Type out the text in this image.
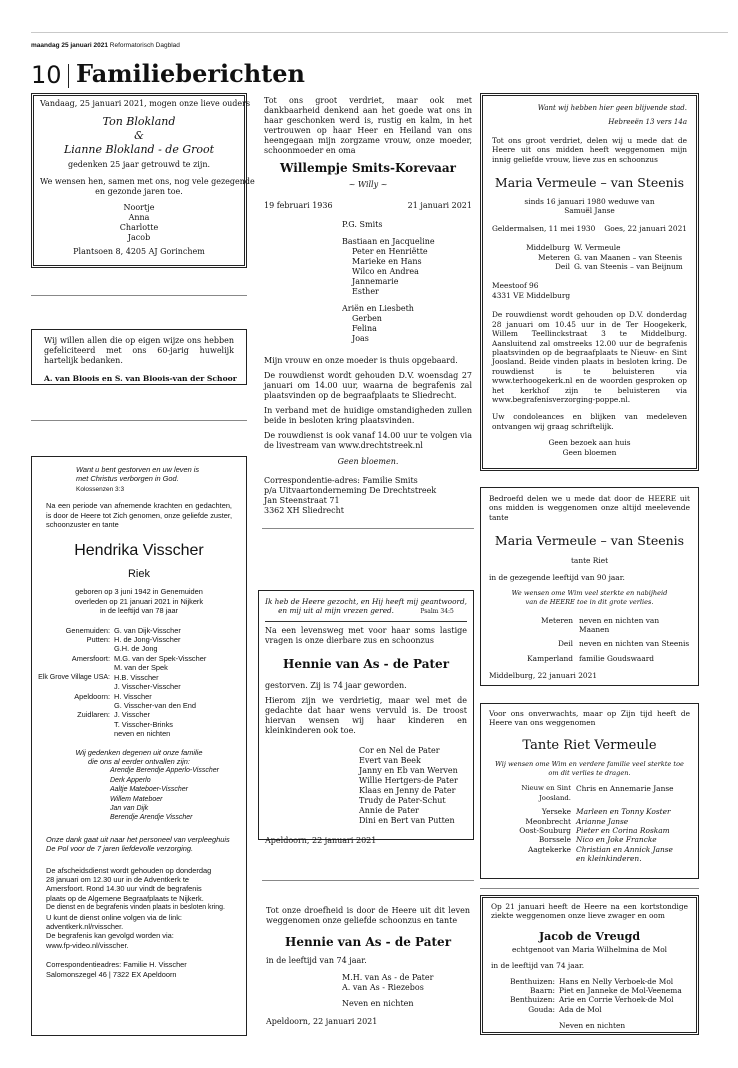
maandag 25 januari 2021 Reformatorisch Dagblad
10 Familieberichten

Vandaag, 25 januari 2021, mogen onze lieve ouders

Ton Blokland

&

Lianne Blokland - de Groot

gedenken 25 jaar getrouwd te zijn.

We wensen hen, samen met ons, nog vele gezegende

en gezonde jaren toe.

Noortje

Anna

Charlotte

Jacob

Plantsoen 8, 4205 AJ Gorinchem

Wij willen allen die op eigen wijze ons hebben gefeliciteerd met ons 60-jarig huwelijk hartelijk bedanken.

A. van Bloois en S. van Bloois-van der Schoor

Want u bent gestorven en uw leven is

met Christus verborgen in God.

Kolossenzen 3:3

Na een periode van afnemende krachten en gedachten, is door de Heere tot Zich genomen, onze geliefde zuster, schoonzuster en tante

Hendrika Visscher

Riek

geboren op 3 juni 1942 in Genemuiden

overleden op 21 januari 2021 in Nijkerk

in de leeftijd van 78 jaar

Genemuiden: G. van Dijk-Visscher
Putten: H. de Jong-Visscher
G.H. de Jong
Amersfoort: M.G. van der Spek-Visscher
M. van der Spek
Elk Grove Village USA: H.B. Visscher
J. Visscher-Visscher
Apeldoorn: H. Visscher
G. Visscher-van den End
Zuidlaren: J. Visscher
T. Visscher-Brinks
neven en nichten

Wij gedenken degenen uit onze familie

die ons al eerder ontvallen zijn:

Arendje Berendje Apperlo-Visscher

Derk Apperlo

Aaltje Mateboer-Visscher

Willem Mateboer

Jan van Dijk

Berendje Arendje Visscher

Onze dank gaat uit naar het personeel van verpleeghuis

De Pol voor de 7 jaren liefdevolle verzorging.

De afscheidsdienst wordt gehouden op donderdag

28 januari om 12.30 uur in de Adventkerk te

Amersfoort. Rond 14.30 uur vindt de begrafenis

plaats op de Algemene Begraafplaats te Nijkerk.

De dienst en de begrafenis vinden plaats in besloten kring.

U kunt de dienst online volgen via de link:

adventkerk.nl/rvisscher.

De begrafenis kan gevolgd worden via:

www.fp-video.nl/visscher.

Correspondentieadres: Familie H. Visscher

Salomonszegel 46 | 7322 EX Apeldoorn

Tot ons groot verdriet, maar ook met dankbaarheid denkend aan het goede wat ons in haar geschonken werd is, rustig en kalm, in het vertrouwen op haar Heer en Heiland van ons heengegaan mijn zorgzame vrouw, onze moeder, schoonmoeder en oma

Willempje Smits-Korevaar

~ Willy ~

19 februari 1936	21 januari 2021

P.G. Smits

Bastiaan en Jacqueline

Peter en Henriëtte

Marieke en Hans

Wilco en Andrea

Jannemarie

Esther

Ariën en Liesbeth

Gerben

Felina

Joas

Mijn vrouw en onze moeder is thuis opgebaard.

De rouwdienst wordt gehouden D.V. woensdag 27 januari om 14.00 uur, waarna de begrafenis zal plaatsvinden op de begraafplaats te Sliedrecht.

In verband met de huidige omstandigheden zullen beide in besloten kring plaatsvinden.

De rouwdienst is ook vanaf 14.00 uur te volgen via de livestream van www.drechtstreek.nl

Geen bloemen.

Correspondentie-adres: Familie Smits

p/a Uitvaartonderneming De Drechtstreek

Jan Steenstraat 71

3362 XH Sliedrecht

Ik heb de Heere gezocht, en Hij heeft mij geantwoord,

en mij uit al mijn vrezen gered.	Psalm 34:5

Na een levensweg met voor haar soms lastige vragen is onze dierbare zus en schoonzus

Hennie van As - de Pater

gestorven. Zij is 74 jaar geworden.

Hierom zijn we verdrietig, maar wel met de gedachte dat haar wens vervuld is. De troost hiervan wensen wij haar kinderen en kleinkinderen ook toe.

Cor en Nel de Pater

Evert van Beek

Janny en Eb van Werven

Willie Hertgers-de Pater

Klaas en Jenny de Pater

Trudy de Pater-Schut

Annie de Pater

Dini en Bert van Putten

Apeldoorn, 22 januari 2021

Tot onze droefheid is door de Heere uit dit leven weggenomen onze geliefde schoonzus en tante

Hennie van As - de Pater

in de leeftijd van 74 jaar.

M.H. van As - de Pater

A. van As - Riezebos

Neven en nichten

Apeldoorn, 22 januari 2021

Want wij hebben hier geen blijvende stad.

Hebreeën 13 vers 14a

Tot ons groot verdriet, delen wij u mede dat de Heere uit ons midden heeft weggenomen mijn innig geliefde vrouw, lieve zus en schoonzus

Maria Vermeule – van Steenis

sinds 16 januari 1980 weduwe van

Samuël Janse

Geldermalsen, 11 mei 1930 Goes, 22 januari 2021
Middelburg W. Vermeule
Meteren G. van Maanen – van Steenis
Deil G. van Steenis – van Beijnum

Meestoof 96

4331 VE Middelburg

De rouwdienst wordt gehouden op D.V. donderdag 28 januari om 10.45 uur in de Ter Hoogekerk, Willem Teellinckstraat 3 te Middelburg. Aansluitend zal omstreeks 12.00 uur de begrafenis plaatsvinden op de begraafplaats te Nieuw- en Sint Joosland. Beide vinden plaats in besloten kring. De rouwdienst is te beluisteren via www.terhoogekerk.nl en de woorden gesproken op het kerkhof zijn te beluisteren via www.begrafenisverzorging-poppe.nl.

Uw condoleances en blijken van medeleven ontvangen wij graag schriftelijk.

Geen bezoek aan huis

Geen bloemen

Bedroefd delen we u mede dat door de HEERE uit ons midden is weggenomen onze altijd meelevende tante

Maria Vermeule – van Steenis

tante Riet

in de gezegende leeftijd van 90 jaar.

We wensen ome Wim veel sterkte en nabijheid

van de HEERE toe in dit grote verlies.

Meteren neven en nichten van Maanen
Deil neven en nichten van Steenis
Kamperland familie Goudswaard

Middelburg, 22 januari 2021

Voor ons onverwachts, maar op Zijn tijd heeft de Heere van ons weggenomen

Tante Riet Vermeule

Wij wensen ome Wim en verdere familie veel sterkte toe

om dit verlies te dragen.

Nieuw en Sint Joosland.
Chris en Annemarie Janse
Yerseke Marleen en Tonny Koster
Meonbrecht Arianne Janse
Oost-Souburg Pieter en Corina Roskam
Borssele Nico en Joke Francke
Aagtekerke Christian en Annick Janse
en kleinkinderen.

Op 21 januari heeft de Heere na een kortstondige ziekte weggenomen onze lieve zwager en oom

Jacob de Vreugd

echtgenoot van Maria Wilhelmina de Mol

in de leeftijd van 74 jaar.

Benthuizen: Hans en Nelly Verboek-de Mol
Baarn: Piet en Janneke de Mol-Veenema
Benthuizen: Arie en Corrie Verhoek-de Mol
Gouda: Ada de Mol

Neven en nichten
